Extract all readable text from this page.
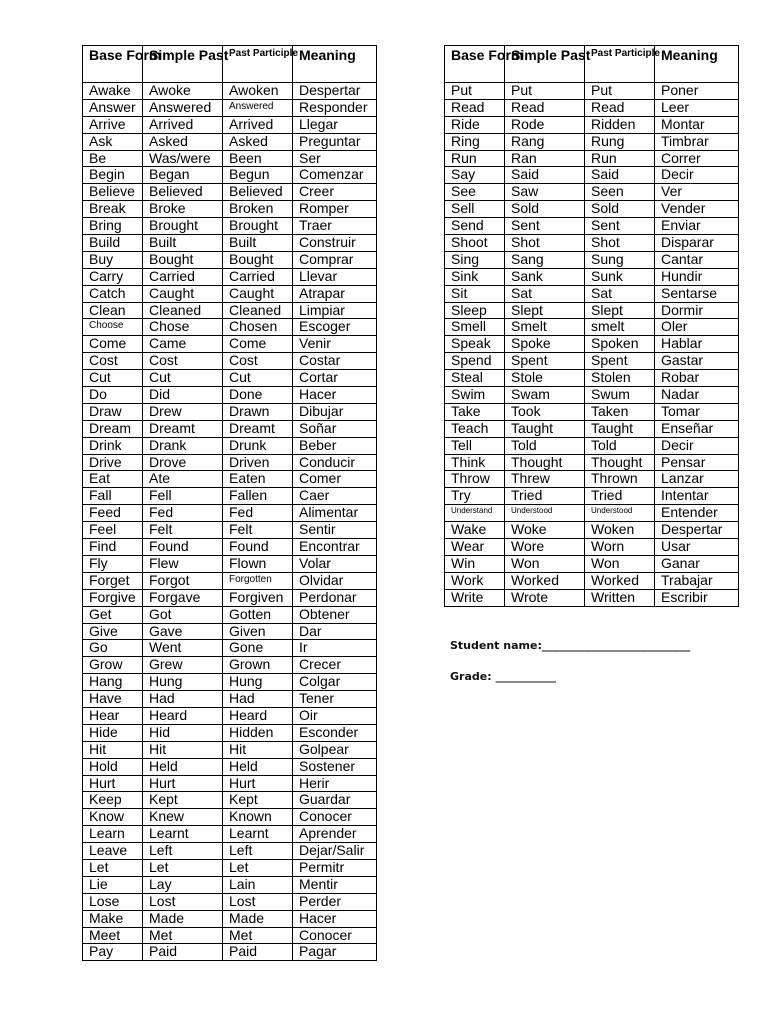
Base Form	Simple Past	Past Participle	Meaning
Awake	Awoke	Awoken	Despertar
Answer	Answered	Answered	Responder
Arrive	Arrived	Arrived	Llegar
Ask	Asked	Asked	Preguntar
Be	Was/were	Been	Ser
Begin	Began	Begun	Comenzar
Believe	Believed	Believed	Creer
Break	Broke	Broken	Romper
Bring	Brought	Brought	Traer
Build	Built	Built	Construir
Buy	Bought	Bought	Comprar
Carry	Carried	Carried	Llevar
Catch	Caught	Caught	Atrapar
Clean	Cleaned	Cleaned	Limpiar
Choose	Chose	Chosen	Escoger
Come	Came	Come	Venir
Cost	Cost	Cost	Costar
Cut	Cut	Cut	Cortar
Do	Did	Done	Hacer
Draw	Drew	Drawn	Dibujar
Dream	Dreamt	Dreamt	Soñar
Drink	Drank	Drunk	Beber
Drive	Drove	Driven	Conducir
Eat	Ate	Eaten	Comer
Fall	Fell	Fallen	Caer
Feed	Fed	Fed	Alimentar
Feel	Felt	Felt	Sentir
Find	Found	Found	Encontrar
Fly	Flew	Flown	Volar
Forget	Forgot	Forgotten	Olvidar
Forgive	Forgave	Forgiven	Perdonar
Get	Got	Gotten	Obtener
Give	Gave	Given	Dar
Go	Went	Gone	Ir
Grow	Grew	Grown	Crecer
Hang	Hung	Hung	Colgar
Have	Had	Had	Tener
Hear	Heard	Heard	Oir
Hide	Hid	Hidden	Esconder
Hit	Hit	Hit	Golpear
Hold	Held	Held	Sostener
Hurt	Hurt	Hurt	Herir
Keep	Kept	Kept	Guardar
Know	Knew	Known	Conocer
Learn	Learnt	Learnt	Aprender
Leave	Left	Left	Dejar/Salir
Let	Let	Let	Permitr
Lie	Lay	Lain	Mentir
Lose	Lost	Lost	Perder
Make	Made	Made	Hacer
Meet	Met	Met	Conocer
Pay	Paid	Paid	Pagar
Base Form	Simple Past	Past Participle	Meaning
Put	Put	Put	Poner
Read	Read	Read	Leer
Ride	Rode	Ridden	Montar
Ring	Rang	Rung	Timbrar
Run	Ran	Run	Correr
Say	Said	Said	Decir
See	Saw	Seen	Ver
Sell	Sold	Sold	Vender
Send	Sent	Sent	Enviar
Shoot	Shot	Shot	Disparar
Sing	Sang	Sung	Cantar
Sink	Sank	Sunk	Hundir
Sit	Sat	Sat	Sentarse
Sleep	Slept	Slept	Dormir
Smell	Smelt	smelt	Oler
Speak	Spoke	Spoken	Hablar
Spend	Spent	Spent	Gastar
Steal	Stole	Stolen	Robar
Swim	Swam	Swum	Nadar
Take	Took	Taken	Tomar
Teach	Taught	Taught	Enseñar
Tell	Told	Told	Decir
Think	Thought	Thought	Pensar
Throw	Threw	Thrown	Lanzar
Try	Tried	Tried	Intentar
Understand	Understood	Understood	Entender
Wake	Woke	Woken	Despertar
Wear	Wore	Worn	Usar
Win	Won	Won	Ganar
Work	Worked	Worked	Trabajar
Write	Wrote	Written	Escribir
Student name:___________________________
Grade: ___________
